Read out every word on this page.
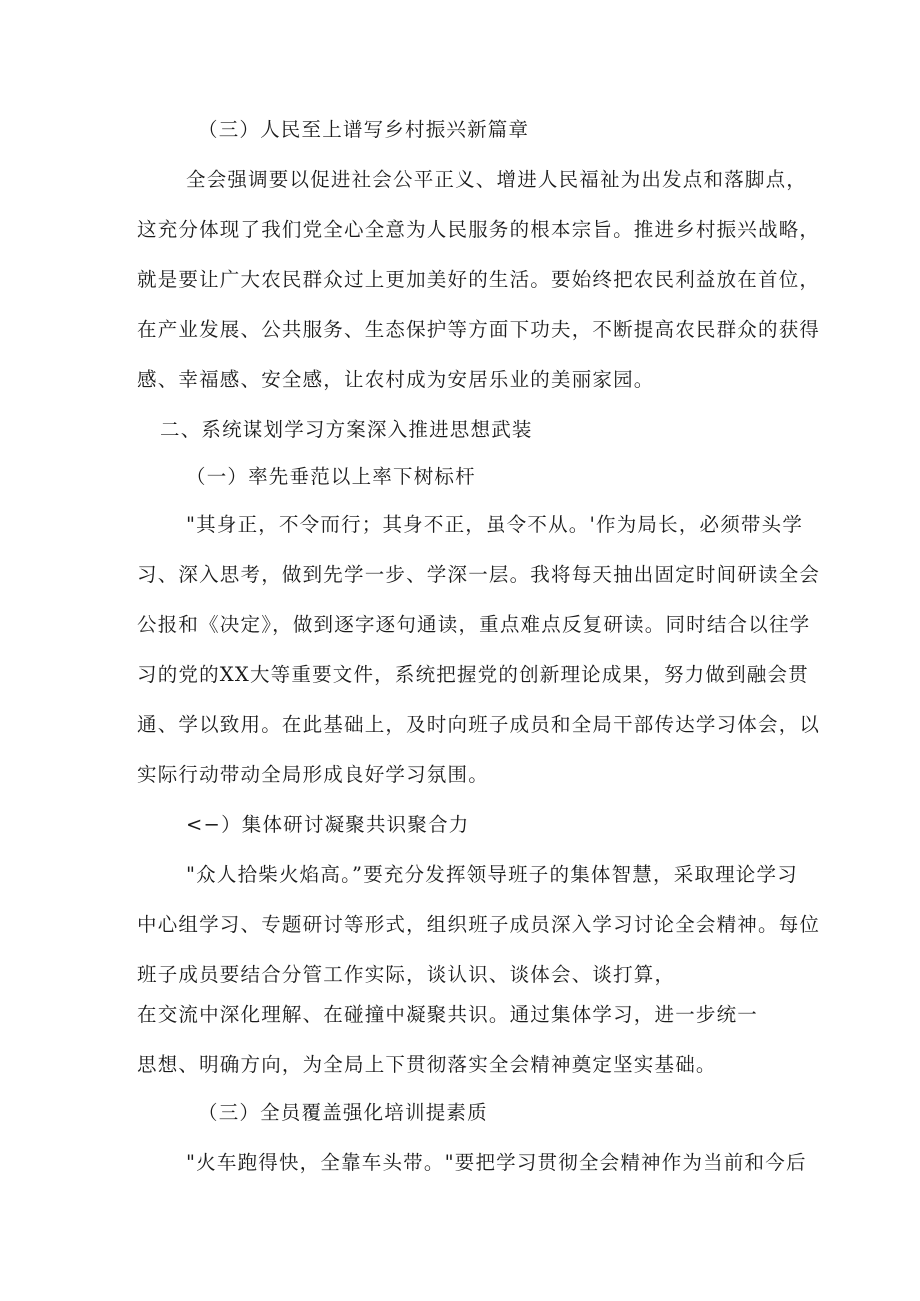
（三）人民至上谱写乡村振兴新篇章

全会强调要以促进社会公平正义、增进人民福祉为出发点和落脚点，

这充分体现了我们党全心全意为人民服务的根本宗旨。推进乡村振兴战略，

就是要让广大农民群众过上更加美好的生活。要始终把农民利益放在首位，

在产业发展、公共服务、生态保护等方面下功夫，不断提高农民群众的获得

感、幸福感、安全感，让农村成为安居乐业的美丽家园。

二、系统谋划学习方案深入推进思想武装

（一）率先垂范以上率下树标杆

"其身正，不令而行；其身不正，虽令不从。'作为局长，必须带头学

习、深入思考，做到先学一步、学深一层。我将每天抽出固定时间研读全会

公报和《决定》，做到逐字逐句通读，重点难点反复研读。同时结合以往学

习的党的XX大等重要文件，系统把握党的创新理论成果，努力做到融会贯

通、学以致用。在此基础上，及时向班子成员和全局干部传达学习体会，以

实际行动带动全局形成良好学习氛围。

<−）集体研讨凝聚共识聚合力

"众人拾柴火焰高。”要充分发挥领导班子的集体智慧，采取理论学习

中心组学习、专题研讨等形式，组织班子成员深入学习讨论全会精神。每位

班子成员要结合分管工作实际，谈认识、谈体会、谈打算，

在交流中深化理解、在碰撞中凝聚共识。通过集体学习，进一步统一

思想、明确方向，为全局上下贯彻落实全会精神奠定坚实基础。

（三）全员覆盖强化培训提素质

"火车跑得快，全靠车头带。"要把学习贯彻全会精神作为当前和今后
